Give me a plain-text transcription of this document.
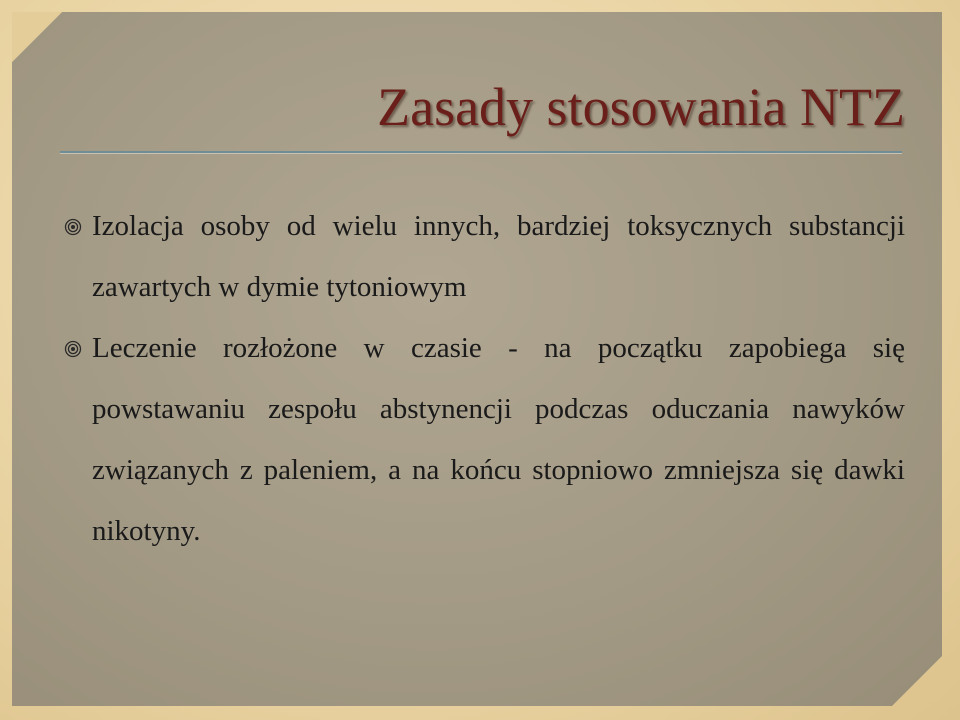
Zasady stosowania NTZ

Izolacja osoby od wielu innych, bardziej toksycznych substancji zawartych w dymie tytoniowym

Leczenie rozłożone w czasie - na początku zapobiega się powstawaniu zespołu abstynencji podczas oduczania nawyków związanych z paleniem, a na końcu stopniowo zmniejsza się dawki nikotyny.
